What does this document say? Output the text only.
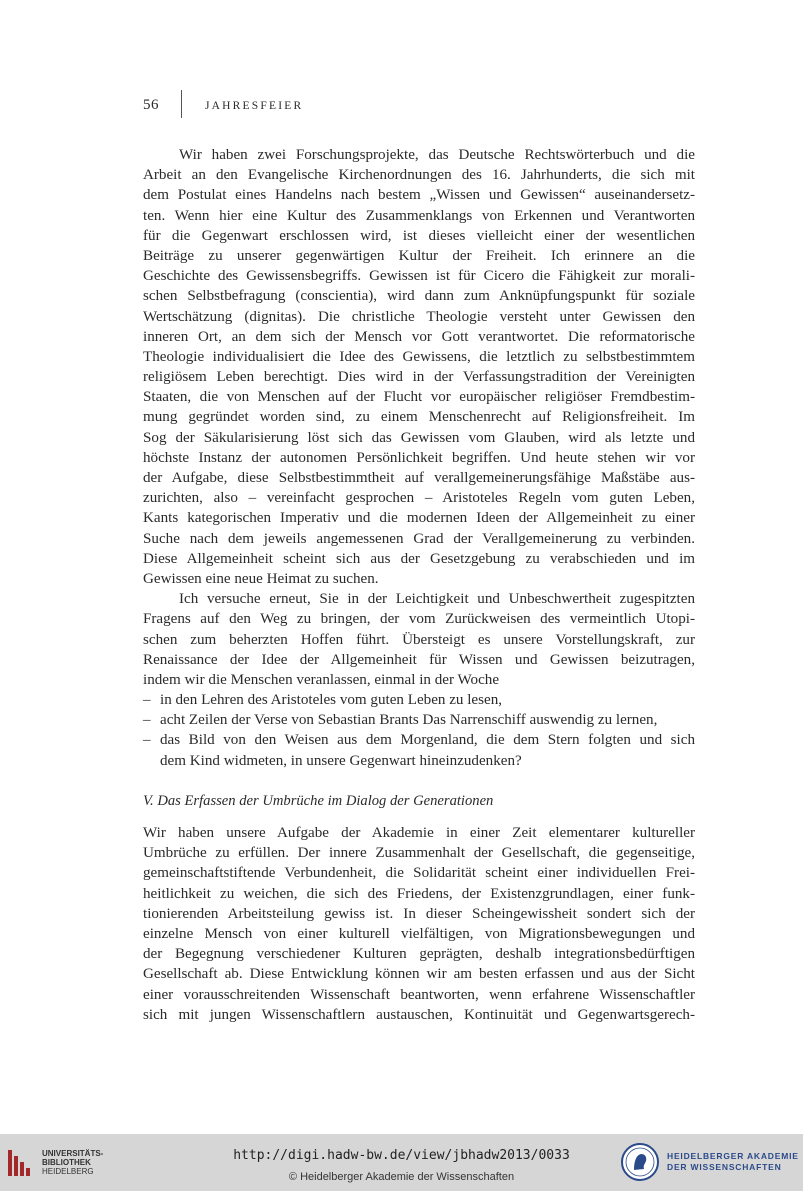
56	JAHRESFEIER
Wir haben zwei Forschungsprojekte, das Deutsche Rechtswörterbuch und die
Arbeit an den Evangelische Kirchenordnungen des 16. Jahrhunderts, die sich mit
dem Postulat eines Handelns nach bestem „Wissen und Gewissen“ auseinandersetz-
ten. Wenn hier eine Kultur des Zusammenklangs von Erkennen und Verantworten
für die Gegenwart erschlossen wird, ist dieses vielleicht einer der wesentlichen
Beiträge zu unserer gegenwärtigen Kultur der Freiheit. Ich erinnere an die
Geschichte des Gewissensbegriffs. Gewissen ist für Cicero die Fähigkeit zur morali-
schen Selbstbefragung (conscientia), wird dann zum Anknüpfungspunkt für soziale
Wertschätzung (dignitas). Die christliche Theologie versteht unter Gewissen den
inneren Ort, an dem sich der Mensch vor Gott verantwortet. Die reformatorische
Theologie individualisiert die Idee des Gewissens, die letztlich zu selbstbestimmtem
religiösem Leben berechtigt. Dies wird in der Verfassungstradition der Vereinigten
Staaten, die von Menschen auf der Flucht vor europäischer religiöser Fremdbestim-
mung gegründet worden sind, zu einem Menschenrecht auf Religionsfreiheit. Im
Sog der Säkularisierung löst sich das Gewissen vom Glauben, wird als letzte und
höchste Instanz der autonomen Persönlichkeit begriffen. Und heute stehen wir vor
der Aufgabe, diese Selbstbestimmtheit auf verallgemeinerungsfähige Maßstäbe aus-
zurichten, also – vereinfacht gesprochen – Aristoteles Regeln vom guten Leben,
Kants kategorischen Imperativ und die modernen Ideen der Allgemeinheit zu einer
Suche nach dem jeweils angemessenen Grad der Verallgemeinerung zu verbinden.
Diese Allgemeinheit scheint sich aus der Gesetzgebung zu verabschieden und im
Gewissen eine neue Heimat zu suchen.
Ich versuche erneut, Sie in der Leichtigkeit und Unbeschwertheit zugespitzten
Fragens auf den Weg zu bringen, der vom Zurückweisen des vermeintlich Utopi-
schen zum beherzten Hoffen führt. Übersteigt es unsere Vorstellungskraft, zur
Renaissance der Idee der Allgemeinheit für Wissen und Gewissen beizutragen,
indem wir die Menschen veranlassen, einmal in der Woche
– in den Lehren des Aristoteles vom guten Leben zu lesen,
– acht Zeilen der Verse von Sebastian Brants Das Narrenschiff auswendig zu lernen,
– das Bild von den Weisen aus dem Morgenland, die dem Stern folgten und sich
dem Kind widmeten, in unsere Gegenwart hineinzudenken?
V. Das Erfassen der Umbrüche im Dialog der Generationen
Wir haben unsere Aufgabe der Akademie in einer Zeit elementarer kultureller
Umbrüche zu erfüllen. Der innere Zusammenhalt der Gesellschaft, die gegenseitige,
gemeinschaftstiftende Verbundenheit, die Solidarität scheint einer individuellen Frei-
heitlichkeit zu weichen, die sich des Friedens, der Existenzgrundlagen, einer funk-
tionierenden Arbeitsteilung gewiss ist. In dieser Scheingewissheit sondert sich der
einzelne Mensch von einer kulturell vielfältigen, von Migrationsbewegungen und
der Begegnung verschiedener Kulturen geprägten, deshalb integrationsbedürftigen
Gesellschaft ab. Diese Entwicklung können wir am besten erfassen und aus der Sicht
einer vorausschreitenden Wissenschaft beantworten, wenn erfahrene Wissenschaftler
sich mit jungen Wissenschaftlern austauschen, Kontinuität und Gegenwartsgerech-
UNIVERSITÄTS-
BIBLIOTHEK
HEIDELBERG
http://digi.hadw-bw.de/view/jbhadw2013/0033
© Heidelberger Akademie der Wissenschaften
HEIDELBERGER AKADEMIE
DER WISSENSCHAFTEN
